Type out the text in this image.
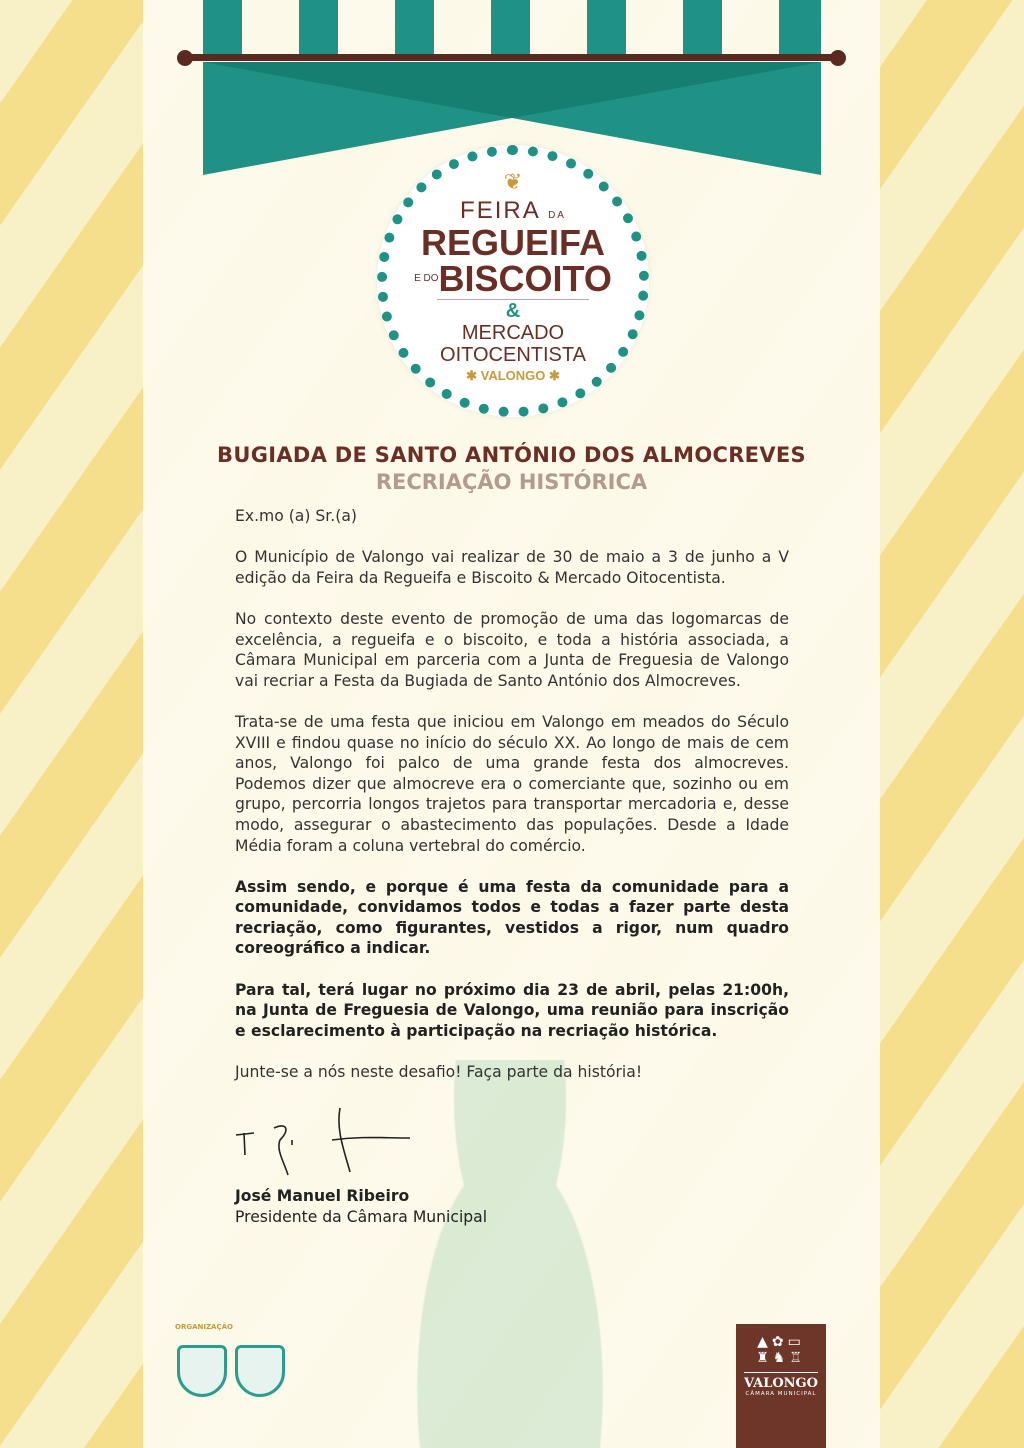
❦
FEIRA DA
REGUEIFA
$^{E DO}$BISCOITO
&
MERCADO
OITOCENTISTA
✱ VALONGO ✱
BUGIADA DE SANTO ANTÓNIO DOS ALMOCREVES
RECRIAÇÃO HISTÓRICA

Ex.mo (a) Sr.(a)

O Município de Valongo vai realizar de 30 de maio a 3 de junho a V edição da Feira da Regueifa e Biscoito & Mercado Oitocentista.

No contexto deste evento de promoção de uma das logomarcas de excelência, a regueifa e o biscoito, e toda a história associada, a Câmara Municipal em parceria com a Junta de Freguesia de Valongo vai recriar a Festa da Bugiada de Santo António dos Almocreves.

Trata-se de uma festa que iniciou em Valongo em meados do Século XVIII e findou quase no início do século XX. Ao longo de mais de cem anos, Valongo foi palco de uma grande festa dos almocreves. Podemos dizer que almocreve era o comerciante que, sozinho ou em grupo, percorria longos trajetos para transportar mercadoria e, desse modo, assegurar o abastecimento das populações. Desde a Idade Média foram a coluna vertebral do comércio.

Assim sendo, e porque é uma festa da comunidade para a comunidade, convidamos todos e todas a fazer parte desta recriação, como figurantes, vestidos a rigor, num quadro coreográfico a indicar.

Para tal, terá lugar no próximo dia 23 de abril, pelas 21:00h, na Junta de Freguesia de Valongo, uma reunião para inscrição e esclarecimento à participação na recriação histórica.

Junte-se a nós neste desafio! Faça parte da história!

José Manuel Ribeiro
Presidente da Câmara Municipal
ORGANIZAÇÃO
▲✿▭
♜♞♖
VALONGO
CÂMARA MUNICIPAL
